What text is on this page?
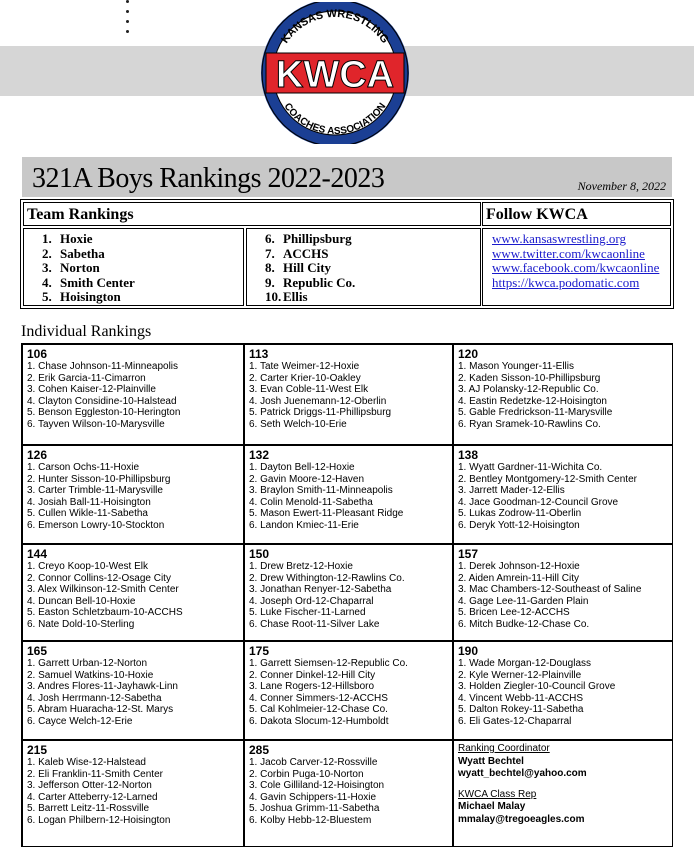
KANSAS WRESTLING
COACHES ASSOCIATION
KWCA
321A Boys Rankings 2022-2023	November 8, 2022
Team Rankings	Follow KWCA
1. Hoxie
2. Sabetha
3. Norton
4. Smith Center
5. Hoisington
6. Phillipsburg
7. ACCHS
8. Hill City
9. Republic Co.
10. Ellis
www.kansaswrestling.org
www.twitter.com/kwcaonline
www.facebook.com/kwcaonline
https://kwca.podomatic.com
Individual Rankings
106
1. Chase Johnson-11-Minneapolis
2. Erik Garcia-11-Cimarron
3. Cohen Kaiser-12-Plainville
4. Clayton Considine-10-Halstead
5. Benson Eggleston-10-Herington
6. Tayven Wilson-10-Marysville
113
1. Tate Weimer-12-Hoxie
2. Carter Krier-10-Oakley
3. Evan Coble-11-West Elk
4. Josh Juenemann-12-Oberlin
5. Patrick Driggs-11-Phillipsburg
6. Seth Welch-10-Erie
120
1. Mason Younger-11-Ellis
2. Kaden Sisson-10-Phillipsburg
3. AJ Polansky-12-Republic Co.
4. Eastin Redetzke-12-Hoisington
5. Gable Fredrickson-11-Marysville
6. Ryan Sramek-10-Rawlins Co.
126
1. Carson Ochs-11-Hoxie
2. Hunter Sisson-10-Phillipsburg
3. Carter Trimble-11-Marysville
4. Josiah Ball-11-Hoisington
5. Cullen Wikle-11-Sabetha
6. Emerson Lowry-10-Stockton
132
1. Dayton Bell-12-Hoxie
2. Gavin Moore-12-Haven
3. Braylon Smith-11-Minneapolis
4. Colin Menold-11-Sabetha
5. Mason Ewert-11-Pleasant Ridge
6. Landon Kmiec-11-Erie
138
1. Wyatt Gardner-11-Wichita Co.
2. Bentley Montgomery-12-Smith Center
3. Jarrett Mader-12-Ellis
4. Jace Goodman-12-Council Grove
5. Lukas Zodrow-11-Oberlin
6. Deryk Yott-12-Hoisington
144
1. Creyo Koop-10-West Elk
2. Connor Collins-12-Osage City
3. Alex Wilkinson-12-Smith Center
4. Duncan Bell-10-Hoxie
5. Easton Schletzbaum-10-ACCHS
6. Nate Dold-10-Sterling
150
1. Drew Bretz-12-Hoxie
2. Drew Withington-12-Rawlins Co.
3. Jonathan Renyer-12-Sabetha
4. Joseph Ord-12-Chaparral
5. Luke Fischer-11-Larned
6. Chase Root-11-Silver Lake
157
1. Derek Johnson-12-Hoxie
2. Aiden Amrein-11-Hill City
3. Mac Chambers-12-Southeast of Saline
4. Gage Lee-11-Garden Plain
5. Bricen Lee-12-ACCHS
6. Mitch Budke-12-Chase Co.
165
1. Garrett Urban-12-Norton
2. Samuel Watkins-10-Hoxie
3. Andres Flores-11-Jayhawk-Linn
4. Josh Herrmann-12-Sabetha
5. Abram Huaracha-12-St. Marys
6. Cayce Welch-12-Erie
175
1. Garrett Siemsen-12-Republic Co.
2. Conner Dinkel-12-Hill City
3. Lane Rogers-12-Hillsboro
4. Conner Simmers-12-ACCHS
5. Cal Kohlmeier-12-Chase Co.
6. Dakota Slocum-12-Humboldt
190
1. Wade Morgan-12-Douglass
2. Kyle Werner-12-Plainville
3. Holden Ziegler-10-Council Grove
4. Vincent Webb-11-ACCHS
5. Dalton Rokey-11-Sabetha
6. Eli Gates-12-Chaparral
215
1. Kaleb Wise-12-Halstead
2. Eli Franklin-11-Smith Center
3. Jefferson Otter-12-Norton
4. Carter Atteberry-12-Larned
5. Barrett Leitz-11-Rossville
6. Logan Philbern-12-Hoisington
285
1. Jacob Carver-12-Rossville
2. Corbin Puga-10-Norton
3. Cole Gilliland-12-Hoisington
4. Gavin Schippers-11-Hoxie
5. Joshua Grimm-11-Sabetha
6. Kolby Hebb-12-Bluestem
Ranking Coordinator
Wyatt Bechtel
wyatt_bechtel@yahoo.com
KWCA Class Rep
Michael Malay
mmalay@tregoeagles.com
